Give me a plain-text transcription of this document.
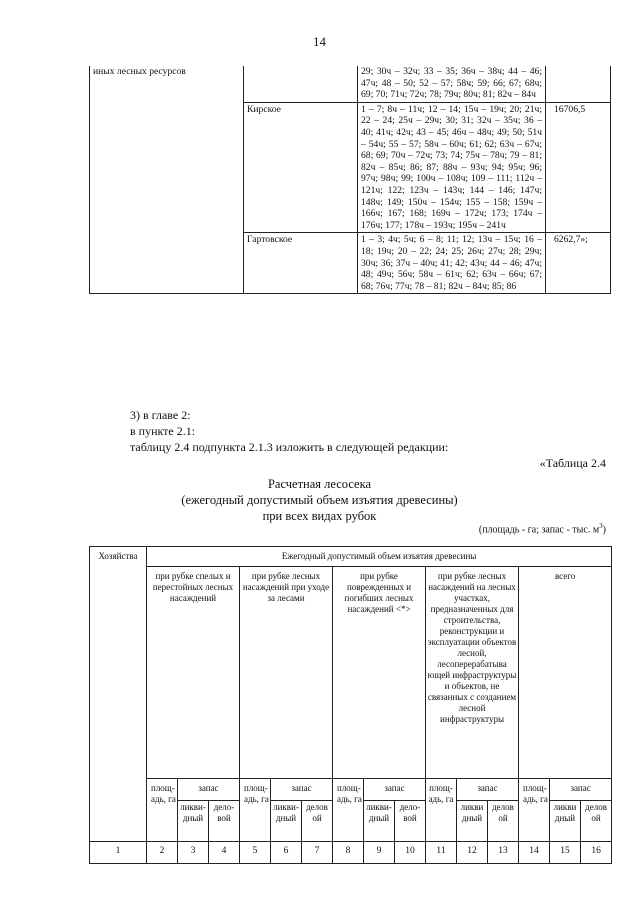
14
иных лесных ресурсов		29; 30ч – 32ч; 33 – 35; 36ч – 38ч; 44 – 46; 47ч; 48 – 50; 52 – 57; 58ч; 59; 66; 67; 68ч; 69; 70; 71ч; 72ч; 78; 79ч; 80ч; 81; 82ч – 84ч	
	Кирское	1 – 7; 8ч – 11ч; 12 – 14; 15ч – 19ч; 20; 21ч; 22 – 24; 25ч – 29ч; 30; 31; 32ч – 35ч; 36 – 40; 41ч; 42ч; 43 – 45; 46ч – 48ч; 49; 50; 51ч – 54ч; 55 – 57; 58ч – 60ч; 61; 62; 63ч – 67ч; 68; 69; 70ч – 72ч; 73; 74; 75ч – 78ч; 79 – 81; 82ч – 85ч; 86; 87; 88ч – 93ч; 94; 95ч; 96; 97ч; 98ч; 99; 100ч – 108ч; 109 – 111; 112ч – 121ч; 122; 123ч – 143ч; 144 – 146; 147ч; 148ч; 149; 150ч – 154ч; 155 – 158; 159ч – 166ч; 167; 168; 169ч – 172ч; 173; 174ч – 176ч; 177; 178ч – 193ч; 195ч – 241ч	16706,5
	Гартовское	1 – 3; 4ч; 5ч; 6 – 8; 11; 12; 13ч – 15ч; 16 – 18; 19ч; 20 – 22; 24; 25; 26ч; 27ч; 28; 29ч; 30ч; 36; 37ч – 40ч; 41; 42; 43ч; 44 – 46; 47ч; 48; 49ч; 56ч; 58ч – 61ч; 62; 63ч – 66ч; 67; 68; 76ч; 77ч; 78 – 81; 82ч – 84ч; 85; 86	6262,7»;
3) в главе 2:
в пункте 2.1:
таблицу 2.4 подпункта 2.1.3 изложить в следующей редакции:
«Таблица 2.4
Расчетная лесосека
(ежегодный допустимый объем изъятия древесины)
при всех видах рубок
(площадь - га; запас - тыс. $м^3$)
Хозяйства	Ежегодный допустимый объем изъятия древесины														
	при рубке спелых и перестойных лесных насаждений			при рубке лесных насаждений при уходе за лесами			при рубке поврежденных и погибших лесных насаждений <*>			при рубке лесных насаждений на лесных участках, предназначенных для строительства, реконструкции и эксплуатации объектов лесной, лесоперерабатыва ющей инфраструктуры и объектов, не связанных с созданием лесной инфраструктуры			всего		
	площ-адь, га	запас		площ-адь, га	запас		площ-адь, га	запас		площ-адь, га	запас		площ-адь, га	запас	
		ликви-дный	дело-вой		ликви-дный	делов ой		ликви-дный	дело-вой		ликви дный	делов ой		ликви дный	делов ой
1	2	3	4	5	6	7	8	9	10	11	12	13	14	15	16
